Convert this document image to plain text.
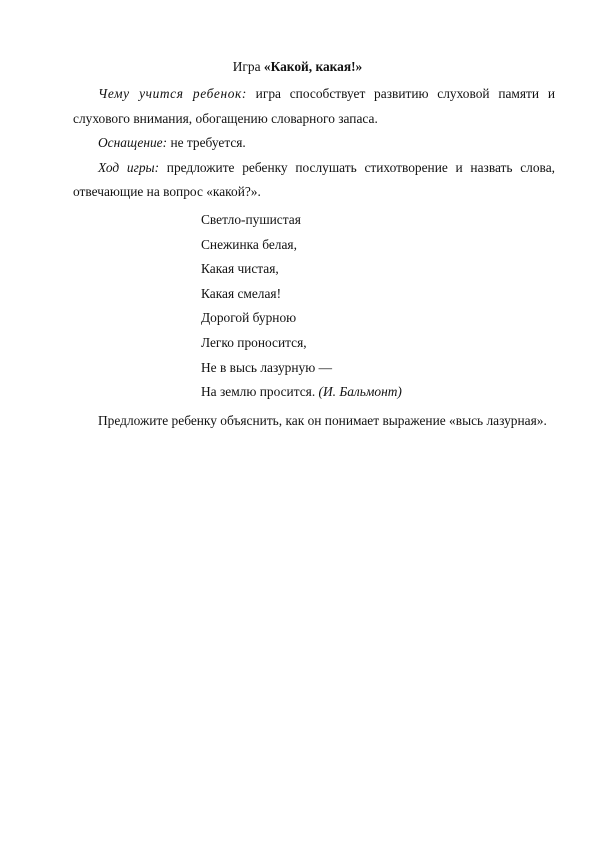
Игра «Какой, какая!»

Чему учится ребенок: игра способствует развитию слуховой памяти и слухового внимания, обогащению словарного запаса.

Оснащение: не требуется.

Ход игры: предложите ребенку послушать стихотворение и назвать слова, отвечающие на вопрос «какой?».

Светло-пушистая
Снежинка белая,
Какая чистая,
Какая смелая!
Дорогой бурною
Легко проносится,
Не в высь лазурную —
На землю просится. (И. Бальмонт)

Предложите ребенку объяснить, как он понимает выражение «высь лазурная».
